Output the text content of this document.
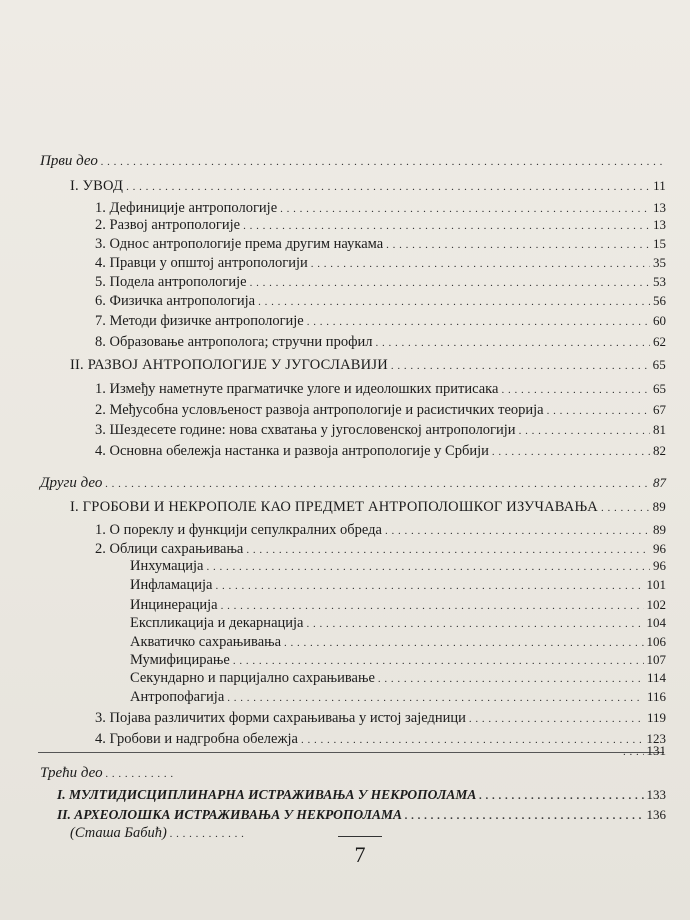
Први део
. . .
I. УВОД . . .	11
1. Дефиниције антропологије . . .	13
2. Развој антропологије . . .	13
3. Однос антропологије према другим наукама . . .	15
4. Правци у општој антропологији . . .	35
5. Подела антропологије . . .	53
6. Физичка антропологија . . .	56
7. Методи физичке антропологије . . .	60
8. Образовање антрополога; стручни профил . . .	62
II. РАЗВОЈ АНТРОПОЛОГИЈЕ У ЈУГОСЛАВИЈИ . . .	65
1. Између наметнуте прагматичке улоге и идеолошких притисака . . .	65
2. Међусобна условљеност развоја антропологије и расистичких теорија . . .	67
3. Шездесете године: нова схватања у југословенској антропологији . . .	81
4. Основна обележја настанка и развоја антропологије у Србији . . .	82
Други део . . .	87
I. ГРОБОВИ И НЕКРОПОЛЕ КАО ПРЕДМЕТ АНТРОПОЛОШКОГ ИЗУЧАВАЊА . . .	89
1. О пореклу и функцији сепулкралних обреда . . .	89
2. Облици сахрањивања . . .	96
Инхумација . . .	96
Инфламација . . .	101
Инцинерација . . .	102
Експликација и декарнација . . .	104
Акватичко сахрањивања . . .	106
Мумифицирање . . .	107
Секундарно и парцијално сахрањивање . . .	114
Антропофагија . . .	116
3. Појава различитих форми сахрањивања у истој заједници . . .	119
4. Гробови и надгробна обележја . . .	123
. . .
131
Трећи део
. . .
I. МУЛТИДИСЦИПЛИНАРНА ИСТРАЖИВАЊА У НЕКРОПОЛАМА . . .	133
II. АРХЕОЛОШКА ИСТРАЖИВАЊА У НЕКРОПОЛАМА . . .	136
(Сташа Бабић)
. . .
7
